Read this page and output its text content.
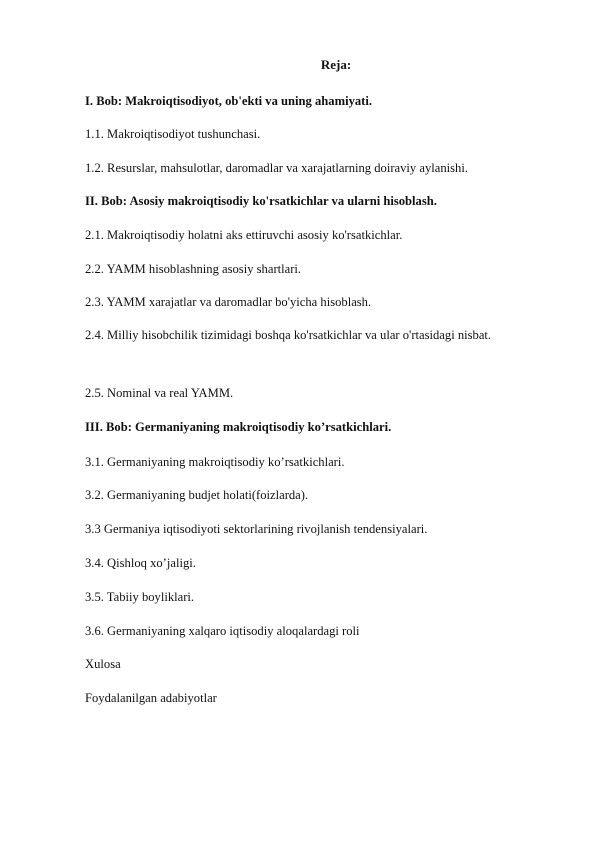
Reja:
I. Bob: Makroiqtisodiyot, ob'ekti va uning ahamiyati.
1.1. Makroiqtisodiyot tushunchasi.
1.2. Resurslar, mahsulotlar, daromadlar va xarajatlarning doiraviy aylanishi.
II. Bob: Asosiy makroiqtisodiy ko'rsatkichlar va ularni hisoblash.
2.1. Makroiqtisodiy holatni aks ettiruvchi asosiy ko'rsatkichlar.
2.2. YAMM hisoblashning asosiy shartlari.
2.3. YAMM xarajatlar va daromadlar bo'yicha hisoblash.
2.4. Milliy hisobchilik tizimidagi boshqa ko'rsatkichlar va ular o'rtasidagi nisbat.
2.5. Nominal va real YAMM.
III. Bob: Germaniyaning makroiqtisodiy ko’rsatkichlari.
3.1. Germaniyaning makroiqtisodiy ko’rsatkichlari.
3.2. Germaniyaning budjet holati(foizlarda).
3.3 Germaniya iqtisodiyoti sektorlarining rivojlanish tendensiyalari.
3.4. Qishloq xo’jaligi.
3.5. Tabiiy boyliklari.
3.6. Germaniyaning xalqaro iqtisodiy aloqalardagi roli
Xulosa
Foydalanilgan adabiyotlar
